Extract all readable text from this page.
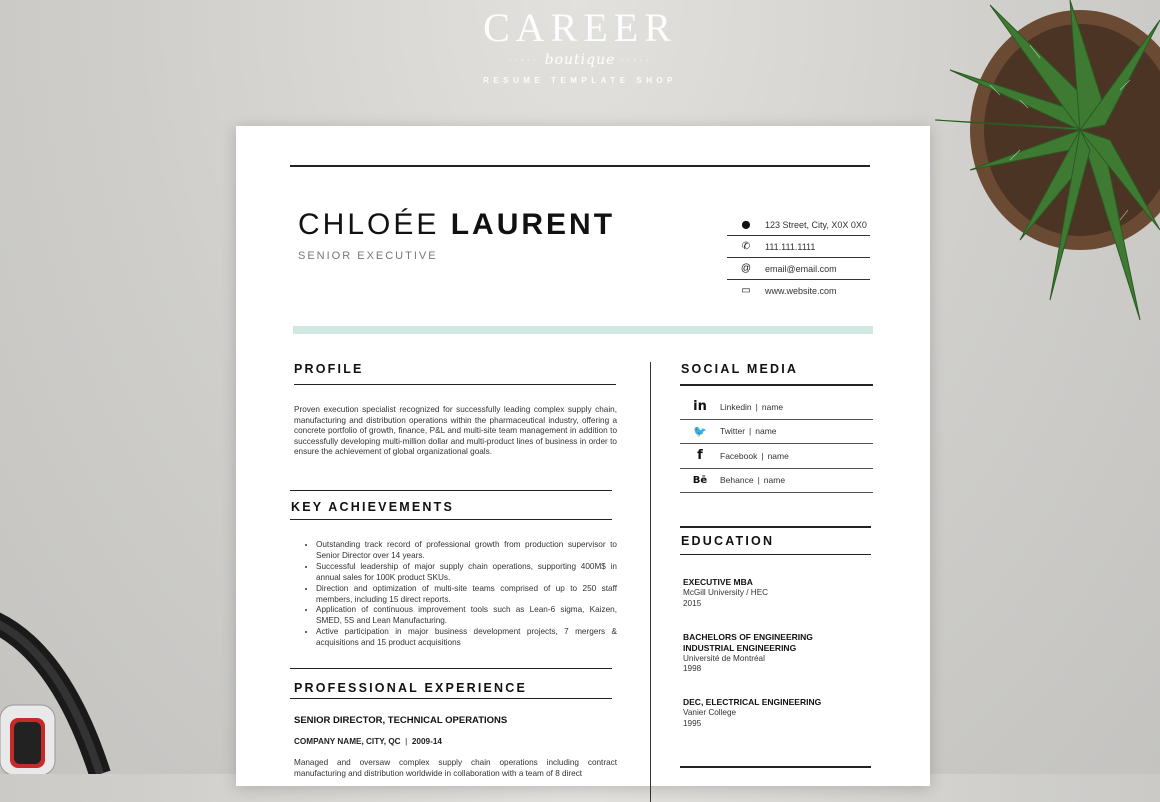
CAREER
····· boutique ·····
RESUME TEMPLATE SHOP
CHLOÉE LAURENT
SENIOR EXECUTIVE
⬤	123 Street, City, X0X 0X0
✆	111.111.1111
@	email@email.com
▭	www.website.com
PROFILE
Proven execution specialist recognized for successfully leading complex supply chain, manufacturing and distribution operations within the pharmaceutical industry, offering a concrete portfolio of growth, finance, P&L and multi-site team management in addition to successfully developing multi-million dollar and multi-product lines of business in order to ensure the achievement of global organizational goals.
KEY ACHIEVEMENTS
• Outstanding track record of professional growth from production supervisor to Senior Director over 14 years.
• Successful leadership of major supply chain operations, supporting 400M$ in annual sales for 100K product SKUs.
• Direction and optimization of multi-site teams comprised of up to 250 staff members, including 15 direct reports.
• Application of continuous improvement tools such as Lean-6 sigma, Kaizen, SMED, 5S and Lean Manufacturing.
• Active participation in major business development projects, 7 mergers & acquisitions and 15 product acquisitions
PROFESSIONAL EXPERIENCE
SENIOR DIRECTOR, TECHNICAL OPERATIONS
COMPANY NAME, CITY, QC | 2009-14
Managed and oversaw complex supply chain operations including contract manufacturing and distribution worldwide in collaboration with a team of 8 direct
SOCIAL MEDIA
in	Linkedin | name
🐦	Twitter | name
f	Facebook | name
Bē	Behance | name
EDUCATION
EXECUTIVE MBA
McGill University / HEC
2015
BACHELORS OF ENGINEERING
INDUSTRIAL ENGINEERING
Université de Montréal
1998
DEC, ELECTRICAL ENGINEERING
Vanier College
1995
